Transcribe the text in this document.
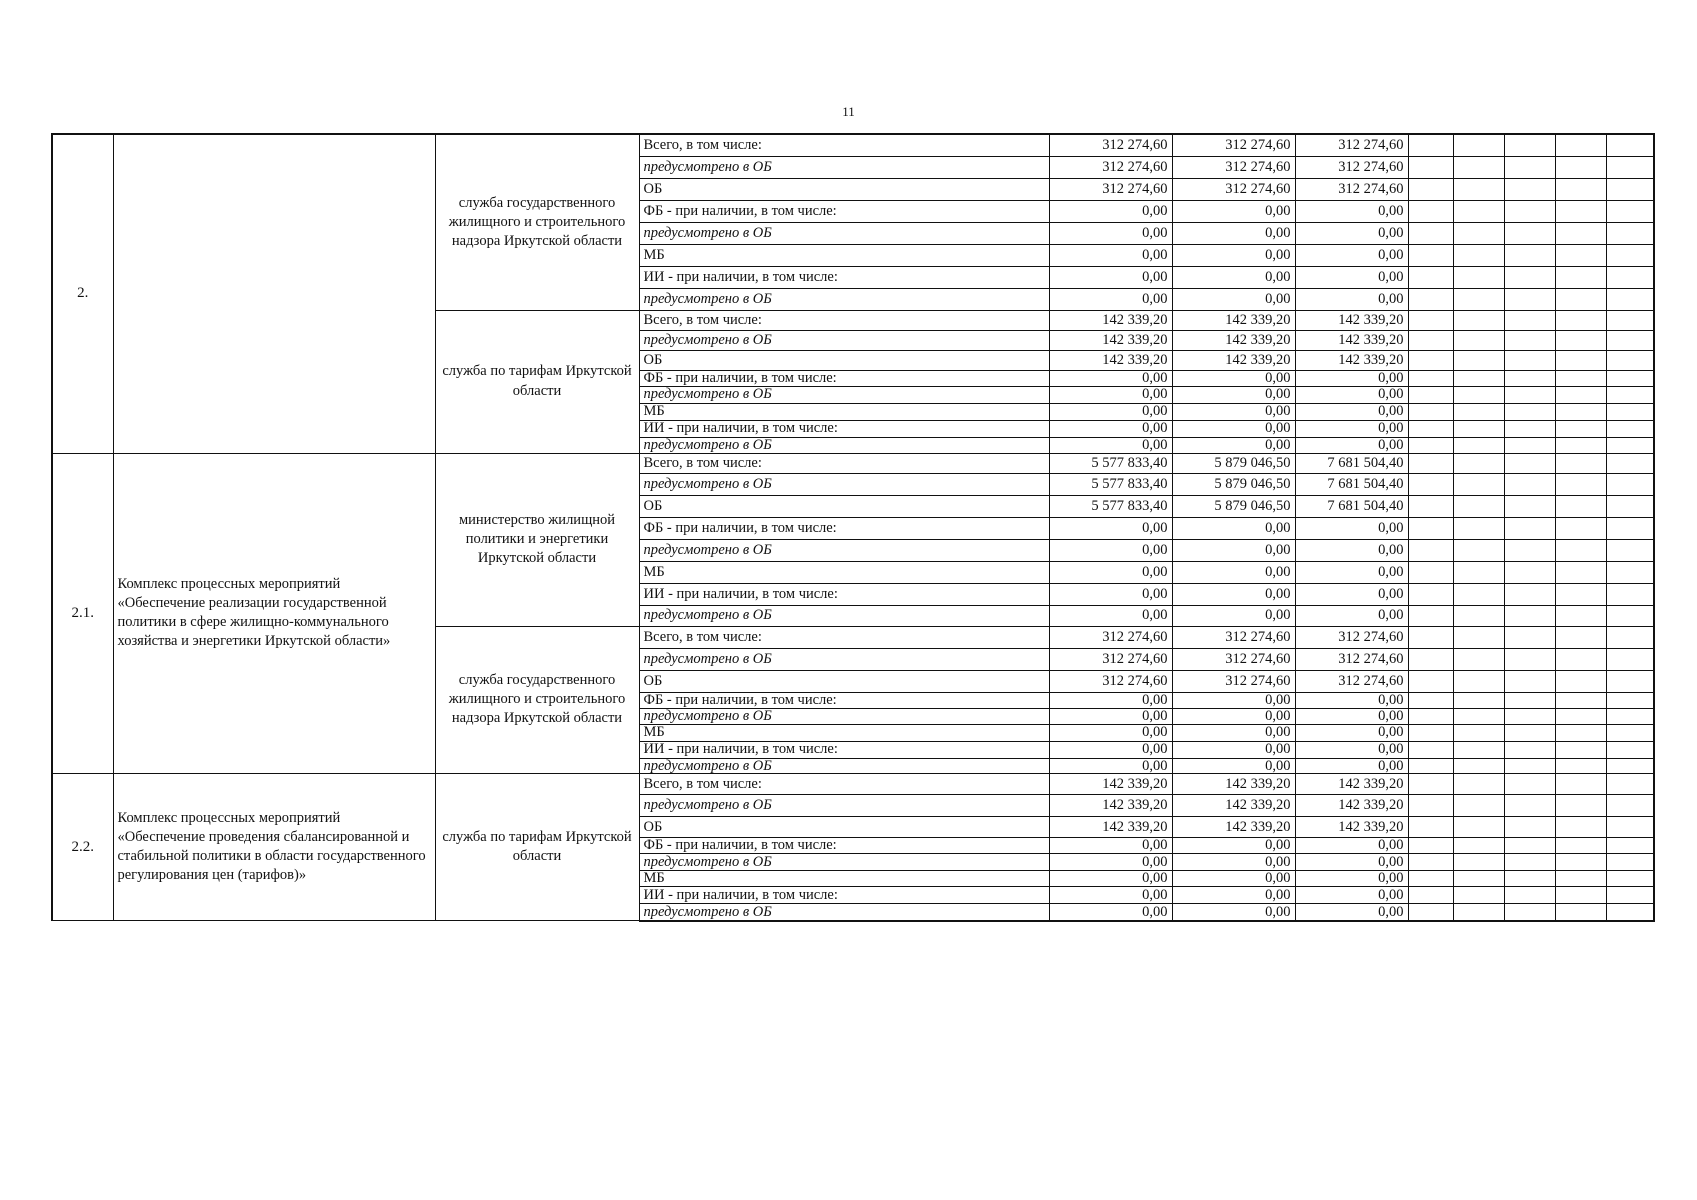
11
2.		служба государственного жилищного и строительного надзора Иркутской области	Всего, в том числе:	312 274,60	312 274,60	312 274,60					
			предусмотрено в ОБ	312 274,60	312 274,60	312 274,60					
			ОБ	312 274,60	312 274,60	312 274,60					
			ФБ - при наличии, в том числе:	0,00	0,00	0,00					
			предусмотрено в ОБ	0,00	0,00	0,00					
			МБ	0,00	0,00	0,00					
			ИИ - при наличии, в том числе:	0,00	0,00	0,00					
			предусмотрено в ОБ	0,00	0,00	0,00					
		служба по тарифам Иркутской области	Всего, в том числе:	142 339,20	142 339,20	142 339,20					
			предусмотрено в ОБ	142 339,20	142 339,20	142 339,20					
			ОБ	142 339,20	142 339,20	142 339,20					
			ФБ - при наличии, в том числе:	0,00	0,00	0,00					
			предусмотрено в ОБ	0,00	0,00	0,00					
			МБ	0,00	0,00	0,00					
			ИИ - при наличии, в том числе:	0,00	0,00	0,00					
			предусмотрено в ОБ	0,00	0,00	0,00					
2.1.	Комплекс процессных мероприятий «Обеспечение реализации государственной политики в сфере жилищно-коммунального хозяйства и энергетики Иркутской области»	министерство жилищной политики и энергетики Иркутской области	Всего, в том числе:	5 577 833,40	5 879 046,50	7 681 504,40					
			предусмотрено в ОБ	5 577 833,40	5 879 046,50	7 681 504,40					
			ОБ	5 577 833,40	5 879 046,50	7 681 504,40					
			ФБ - при наличии, в том числе:	0,00	0,00	0,00					
			предусмотрено в ОБ	0,00	0,00	0,00					
			МБ	0,00	0,00	0,00					
			ИИ - при наличии, в том числе:	0,00	0,00	0,00					
			предусмотрено в ОБ	0,00	0,00	0,00					
		служба государственного жилищного и строительного надзора Иркутской области	Всего, в том числе:	312 274,60	312 274,60	312 274,60					
			предусмотрено в ОБ	312 274,60	312 274,60	312 274,60					
			ОБ	312 274,60	312 274,60	312 274,60					
			ФБ - при наличии, в том числе:	0,00	0,00	0,00					
			предусмотрено в ОБ	0,00	0,00	0,00					
			МБ	0,00	0,00	0,00					
			ИИ - при наличии, в том числе:	0,00	0,00	0,00					
			предусмотрено в ОБ	0,00	0,00	0,00					
2.2.	Комплекс процессных мероприятий «Обеспечение проведения сбалансированной и стабильной политики в области государственного регулирования цен (тарифов)»	служба по тарифам Иркутской области	Всего, в том числе:	142 339,20	142 339,20	142 339,20					
			предусмотрено в ОБ	142 339,20	142 339,20	142 339,20					
			ОБ	142 339,20	142 339,20	142 339,20					
			ФБ - при наличии, в том числе:	0,00	0,00	0,00					
			предусмотрено в ОБ	0,00	0,00	0,00					
			МБ	0,00	0,00	0,00					
			ИИ - при наличии, в том числе:	0,00	0,00	0,00					
			предусмотрено в ОБ	0,00	0,00	0,00					
